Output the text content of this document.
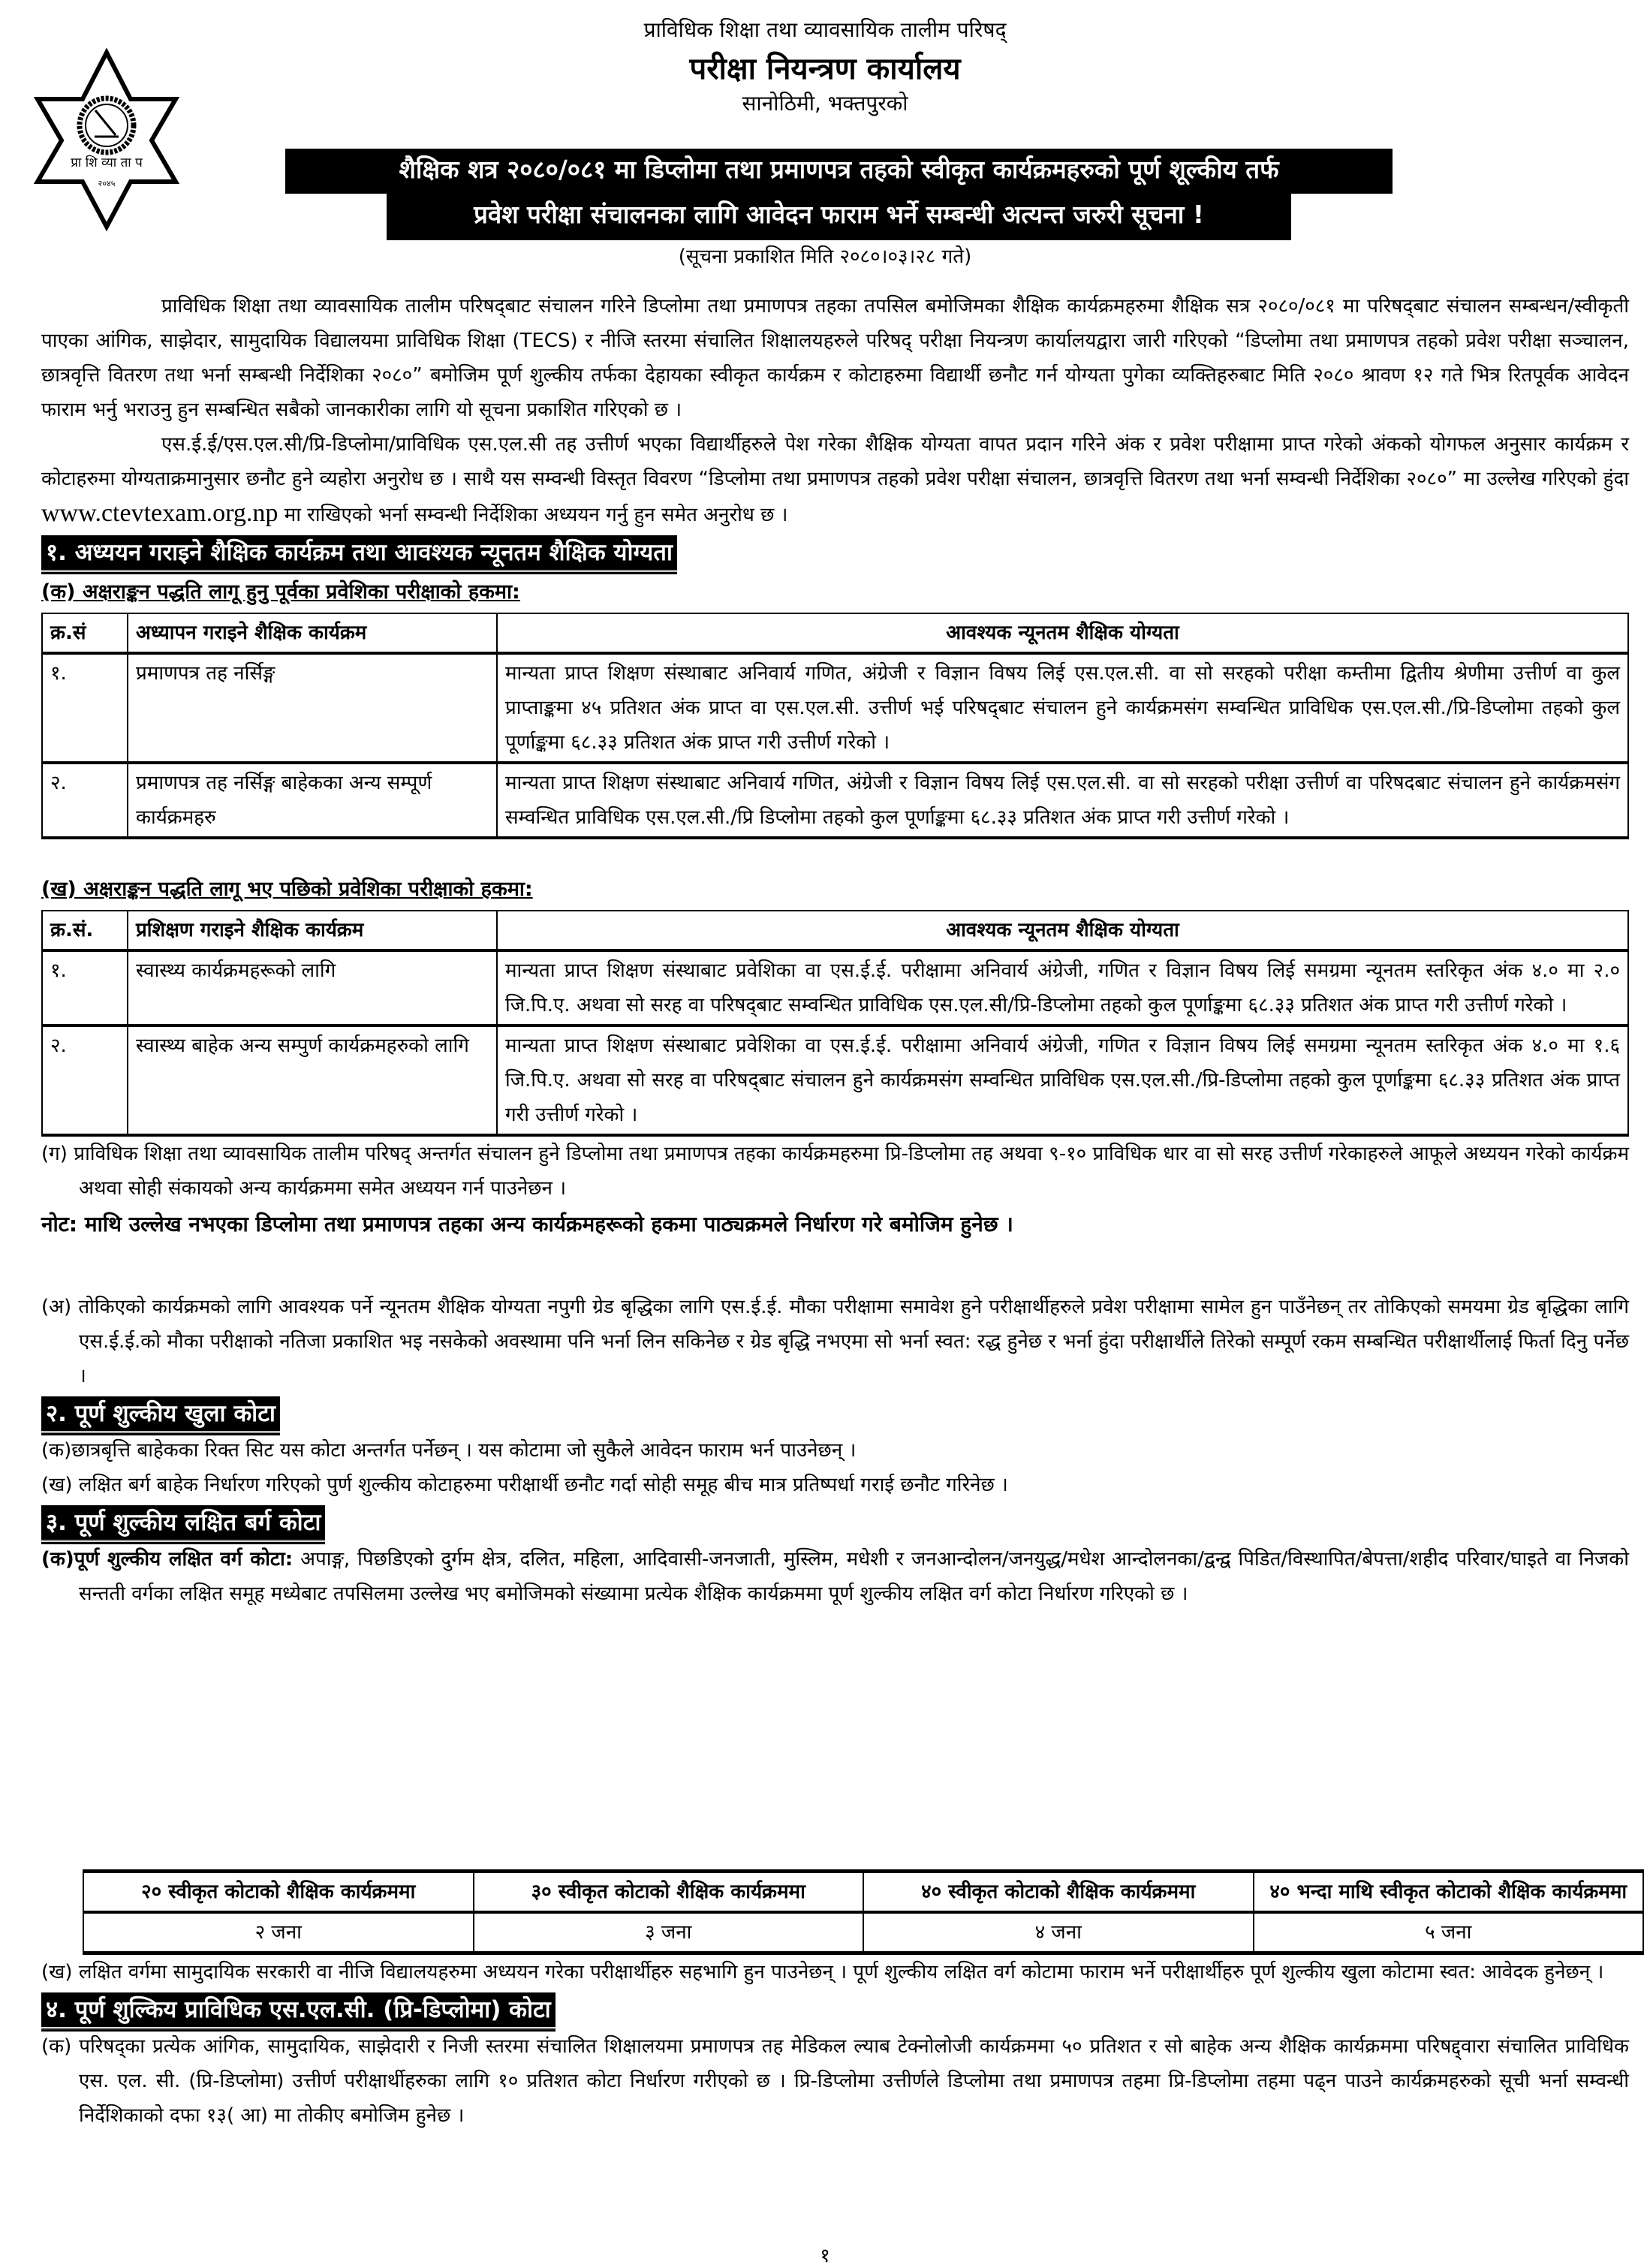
प्रा शि व्या ता प
२०४५
प्राविधिक शिक्षा तथा व्यावसायिक तालीम परिषद्
परीक्षा नियन्त्रण कार्यालय
सानोठिमी, भक्तपुरको
शैक्षिक शत्र २०८०/०८१ मा डिप्लोमा तथा प्रमाणपत्र तहको स्वीकृत कार्यक्रमहरुको पूर्ण शूल्कीय तर्फ
प्रवेश परीक्षा संचालनका लागि आवेदन फाराम भर्ने सम्बन्धी अत्यन्त जरुरी सूचना !
(सूचना प्रकाशित मिति २०८०।०३।२८ गते)

प्राविधिक शिक्षा तथा व्यावसायिक तालीम परिषद्‌बाट संचालन गरिने डिप्लोमा तथा प्रमाणपत्र तहका तपसिल बमोजिमका शैक्षिक कार्यक्रमहरुमा शैक्षिक सत्र २०८०/०८१ मा परिषद्‌बाट संचालन सम्बन्धन/स्वीकृती पाएका आंगिक, साझेदार, सामुदायिक विद्यालयमा प्राविधिक शिक्षा (TECS) र नीजि स्तरमा संचालित शिक्षालयहरुले परिषद् परीक्षा नियन्त्रण कार्यालयद्वारा जारी गरिएको “डिप्लोमा तथा प्रमाणपत्र तहको प्रवेश परीक्षा सञ्चालन, छात्रवृत्ति वितरण तथा भर्ना सम्बन्धी निर्देशिका २०८०” बमोजिम पूर्ण शुल्कीय तर्फका देहायका स्वीकृत कार्यक्रम र कोटाहरुमा विद्यार्थी छनौट गर्न योग्यता पुगेका व्यक्तिहरुबाट मिति २०८० श्रावण १२ गते भित्र रितपूर्वक आवेदन फाराम भर्नु भराउनु हुन सम्बन्धित सबैको जानकारीका लागि यो सूचना प्रकाशित गरिएको छ ।

एस.ई.ई/एस.एल.सी/प्रि-डिप्लोमा/प्राविधिक एस.एल.सी तह उत्तीर्ण भएका विद्यार्थीहरुले पेश गरेका शैक्षिक योग्यता वापत प्रदान गरिने अंक र प्रवेश परीक्षामा प्राप्त गरेको अंकको योगफल अनुसार कार्यक्रम र कोटाहरुमा योग्यताक्रमानुसार छनौट हुने व्यहोरा अनुरोध छ । साथै यस सम्वन्धी विस्तृत विवरण “डिप्लोमा तथा प्रमाणपत्र तहको प्रवेश परीक्षा संचालन, छात्रवृत्ति वितरण तथा भर्ना सम्वन्धी निर्देशिका २०८०” मा उल्लेख गरिएको हुंदा www.ctevtexam.org.np मा राखिएको भर्ना सम्वन्धी निर्देशिका अध्ययन गर्नु हुन समेत अनुरोध छ ।

१. अध्ययन गराइने शैक्षिक कार्यक्रम तथा आवश्यक न्यूनतम शैक्षिक योग्यता
(क) अक्षराङ्कन पद्धति लागू हुनु पूर्वका प्रवेशिका परीक्षाको हकमा:
क्र.सं	अध्यापन गराइने शैक्षिक कार्यक्रम	आवश्यक न्यूनतम शैक्षिक योग्यता
१.	प्रमाणपत्र तह नर्सिङ्ग	मान्यता प्राप्त शिक्षण संस्थाबाट अनिवार्य गणित, अंग्रेजी र विज्ञान विषय लिई एस.एल.सी. वा सो सरहको परीक्षा कम्तीमा द्वितीय श्रेणीमा उत्तीर्ण वा कुल प्राप्ताङ्कमा ४५ प्रतिशत अंक प्राप्त वा एस.एल.सी. उत्तीर्ण भई परिषद्‌बाट संचालन हुने कार्यक्रमसंग सम्वन्धित प्राविधिक एस.एल.सी./प्रि-डिप्लोमा तहको कुल पूर्णाङ्कमा ६८.३३ प्रतिशत अंक प्राप्त गरी उत्तीर्ण गरेको ।
२.	प्रमाणपत्र तह नर्सिङ्ग बाहेकका अन्य सम्पूर्ण कार्यक्रमहरु	मान्यता प्राप्त शिक्षण संस्थाबाट अनिवार्य गणित, अंग्रेजी र विज्ञान विषय लिई एस.एल.सी. वा सो सरहको परीक्षा उत्तीर्ण वा परिषदबाट संचालन हुने कार्यक्रमसंग सम्वन्धित प्राविधिक एस.एल.सी./प्रि डिप्लोमा तहको कुल पूर्णाङ्कमा ६८.३३ प्रतिशत अंक प्राप्त गरी उत्तीर्ण गरेको ।
(ख) अक्षराङ्कन पद्धति लागू भए पछिको प्रवेशिका परीक्षाको हकमा:
क्र.सं.	प्रशिक्षण गराइने शैक्षिक कार्यक्रम	आवश्यक न्यूनतम शैक्षिक योग्यता
१.	स्वास्थ्य कार्यक्रमहरूको लागि	मान्यता प्राप्त शिक्षण संस्थाबाट प्रवेशिका वा एस.ई.ई. परीक्षामा अनिवार्य अंग्रेजी, गणित र विज्ञान विषय लिई समग्रमा न्यूनतम स्तरिकृत अंक ४.० मा २.० जि.पि.ए. अथवा सो सरह वा परिषद्‌बाट सम्वन्धित प्राविधिक एस.एल.सी/प्रि-डिप्लोमा तहको कुल पूर्णाङ्कमा ६८.३३ प्रतिशत अंक प्राप्त गरी उत्तीर्ण गरेको ।
२.	स्वास्थ्य बाहेक अन्य सम्पुर्ण कार्यक्रमहरुको लागि	मान्यता प्राप्त शिक्षण संस्थाबाट प्रवेशिका वा एस.ई.ई. परीक्षामा अनिवार्य अंग्रेजी, गणित र विज्ञान विषय लिई समग्रमा न्यूनतम स्तरिकृत अंक ४.० मा १.६ जि.पि.ए. अथवा सो सरह वा परिषद्‌बाट संचालन हुने कार्यक्रमसंग सम्वन्धित प्राविधिक एस.एल.सी./प्रि-डिप्लोमा तहको कुल पूर्णाङ्कमा ६८.३३ प्रतिशत अंक प्राप्त गरी उत्तीर्ण गरेको ।

(ग) प्राविधिक शिक्षा तथा व्यावसायिक तालीम परिषद् अन्तर्गत संचालन हुने डिप्लोमा तथा प्रमाणपत्र तहका कार्यक्रमहरुमा प्रि-डिप्लोमा तह अथवा ९-१० प्राविधिक धार वा सो सरह उत्तीर्ण गरेकाहरुले आफूले अध्ययन गरेको कार्यक्रम अथवा सोही संकायको अन्य कार्यक्रममा समेत अध्ययन गर्न पाउनेछन ।

नोट: माथि उल्लेख नभएका डिप्लोमा तथा प्रमाणपत्र तहका अन्य कार्यक्रमहरूको हकमा पाठ्यक्रमले निर्धारण गरे बमोजिम हुनेछ ।

(अ) तोकिएको कार्यक्रमको लागि आवश्यक पर्ने न्यूनतम शैक्षिक योग्यता नपुगी ग्रेड बृद्धिका लागि एस.ई.ई. मौका परीक्षामा समावेश हुने परीक्षार्थीहरुले प्रवेश परीक्षामा सामेल हुन पाउँनेछन् तर तोकिएको समयमा ग्रेड बृद्धिका लागि एस.ई.ई.को मौका परीक्षाको नतिजा प्रकाशित भइ नसकेको अवस्थामा पनि भर्ना लिन सकिनेछ र ग्रेड बृद्धि नभएमा सो भर्ना स्वत: रद्ध हुनेछ र भर्ना हुंदा परीक्षार्थीले तिरेको सम्पूर्ण रकम सम्बन्धित परीक्षार्थीलाई फिर्ता दिनु पर्नेछ ।

२. पूर्ण शुल्कीय खुला कोटा

(क)छात्रबृत्ति बाहेकका रिक्त सिट यस कोटा अन्तर्गत पर्नेछन् । यस कोटामा जो सुकैले आवेदन फाराम भर्न पाउनेछन् ।

(ख) लक्षित बर्ग बाहेक निर्धारण गरिएको पुर्ण शुल्कीय कोटाहरुमा परीक्षार्थी छनौट गर्दा सोही समूह बीच मात्र प्रतिष्पर्धा गराई छनौट गरिनेछ ।

३. पूर्ण शुल्कीय लक्षित बर्ग कोटा

(क)पूर्ण शुल्कीय लक्षित वर्ग कोटा: अपाङ्ग, पिछडिएको दुर्गम क्षेत्र, दलित, महिला, आदिवासी-जनजाती, मुस्लिम, मधेशी र जनआन्दोलन/जनयुद्ध/मधेश आन्दोलनका/द्वन्द्व पिडित/विस्थापित/बेपत्ता/शहीद परिवार/घाइते वा निजको सन्तती वर्गका लक्षित समूह मध्येबाट तपसिलमा उल्लेख भए बमोजिमको संख्यामा प्रत्येक शैक्षिक कार्यक्रममा पूर्ण शुल्कीय लक्षित वर्ग कोटा निर्धारण गरिएको छ ।

२० स्वीकृत कोटाको शैक्षिक कार्यक्रममा	३० स्वीकृत कोटाको शैक्षिक कार्यक्रममा	४० स्वीकृत कोटाको शैक्षिक कार्यक्रममा	४० भन्दा माथि स्वीकृत कोटाको शैक्षिक कार्यक्रममा
२ जना	३ जना	४ जना	५ जना

(ख) लक्षित वर्गमा सामुदायिक सरकारी वा नीजि विद्यालयहरुमा अध्ययन गरेका परीक्षार्थीहरु सहभागि हुन पाउनेछन् । पूर्ण शुल्कीय लक्षित वर्ग कोटामा फाराम भर्ने परीक्षार्थीहरु पूर्ण शुल्कीय खुला कोटामा स्वत: आवेदक हुनेछन् ।

४. पूर्ण शुल्किय प्राविधिक एस.एल.सी. (प्रि-डिप्लोमा) कोटा

(क) परिषद्का प्रत्येक आंगिक, सामुदायिक, साझेदारी र निजी स्तरमा संचालित शिक्षालयमा प्रमाणपत्र तह मेडिकल ल्याब टेक्नोलोजी कार्यक्रममा ५० प्रतिशत र सो बाहेक अन्य शैक्षिक कार्यक्रममा परिषद्द्वारा संचालित प्राविधिक एस. एल. सी. (प्रि-डिप्लोमा) उत्तीर्ण परीक्षार्थीहरुका लागि १० प्रतिशत कोटा निर्धारण गरीएको छ । प्रि-डिप्लोमा उत्तीर्णले डिप्लोमा तथा प्रमाणपत्र तहमा प्रि-डिप्लोमा तहमा पढ्न पाउने कार्यक्रमहरुको सूची भर्ना सम्वन्धी निर्देशिकाको दफा १३( आ) मा तोकीए बमोजिम हुनेछ ।

१
